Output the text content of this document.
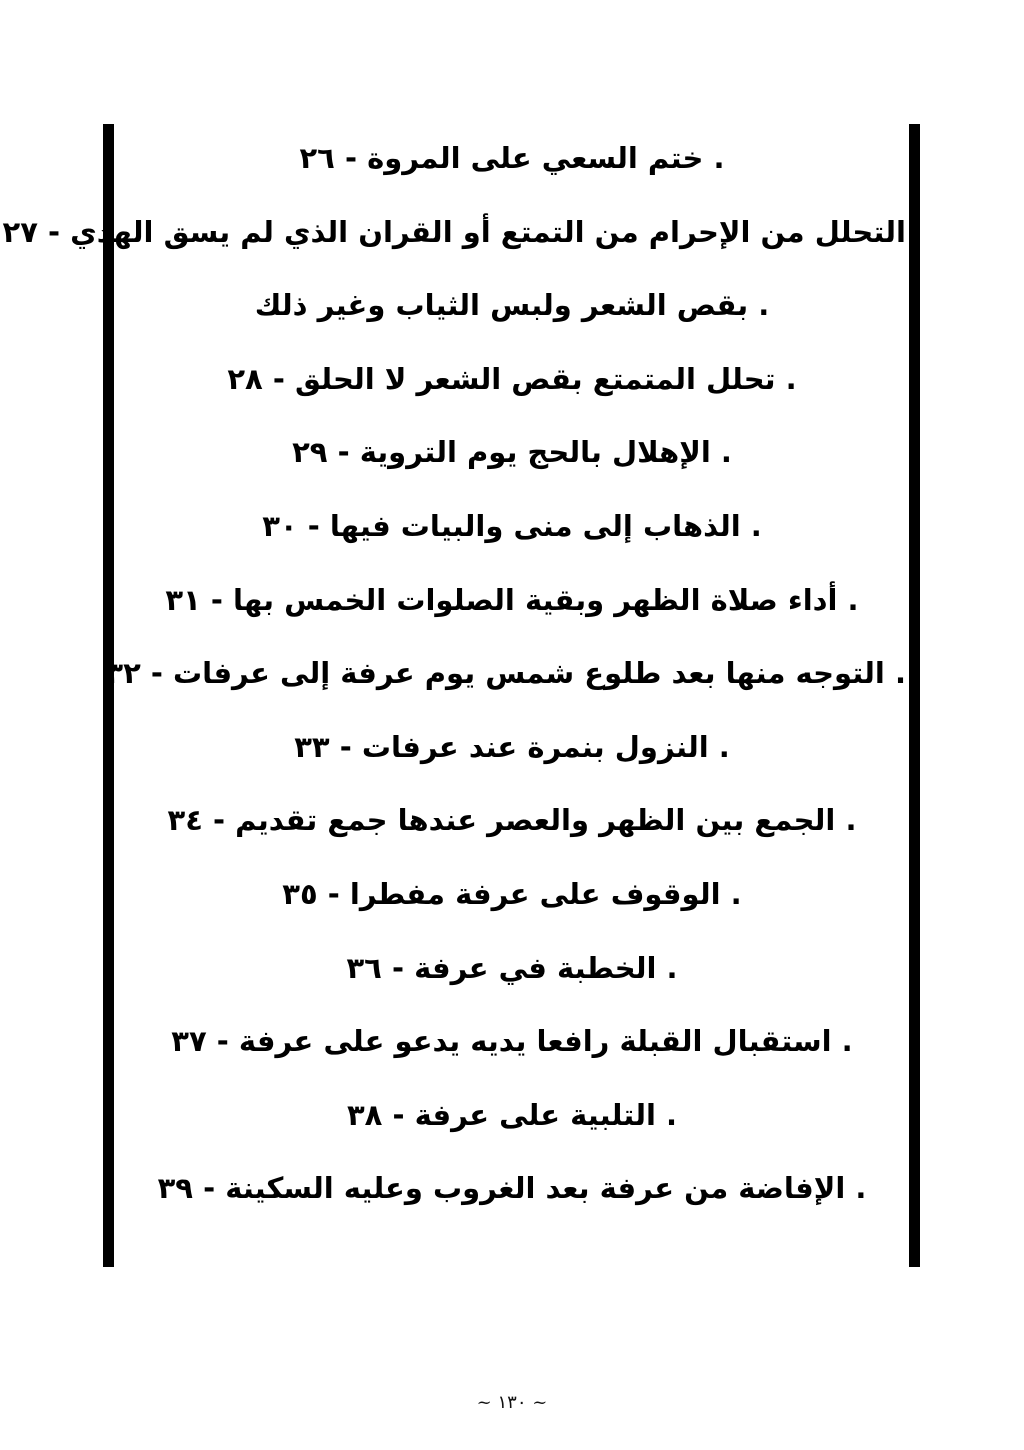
. ختم السعي على المروة - ٢٦
التحلل من الإحرام من التمتع أو القران الذي لم يسق الهدي - ٢٧
. بقص الشعر ولبس الثياب وغير ذلك
. تحلل المتمتع بقص الشعر لا الحلق - ٢٨
. الإهلال بالحج يوم التروية - ٢٩
. الذهاب إلى منى والبيات فيها - ٣٠
. أداء صلاة الظهر وبقية الصلوات الخمس بها - ٣١
. التوجه منها بعد طلوع شمس يوم عرفة إلى عرفات - ٣٢
. النزول بنمرة عند عرفات - ٣٣
. الجمع بين الظهر والعصر عندها جمع تقديم - ٣٤
. الوقوف على عرفة مفطرا - ٣٥
. الخطبة في عرفة - ٣٦
. استقبال القبلة رافعا يديه يدعو على عرفة - ٣٧
. التلبية على عرفة - ٣٨
. الإفاضة من عرفة بعد الغروب وعليه السكينة - ٣٩
~ ١٣٠ ~
